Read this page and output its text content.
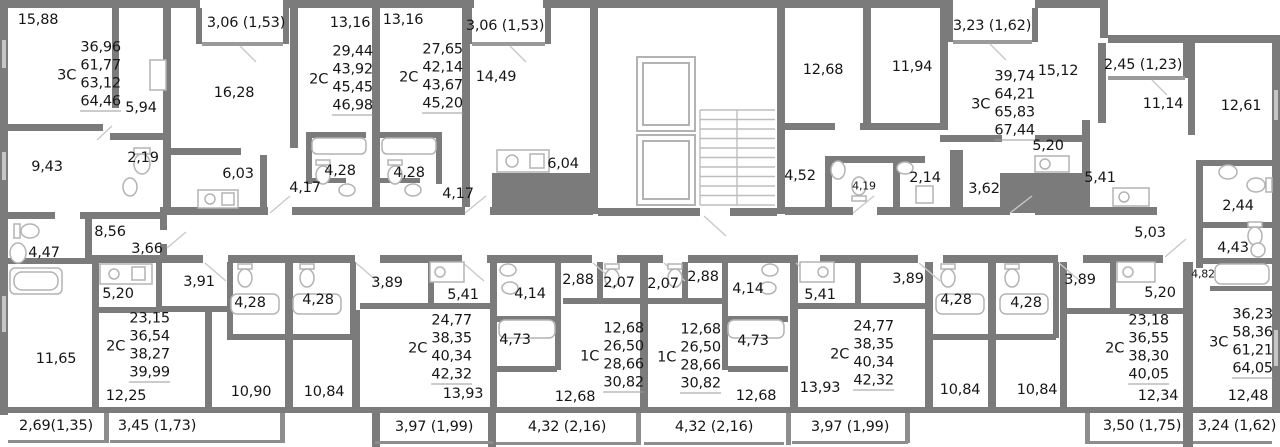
15,88	13,16 13,16
16,28
14,49	12,68	11,94	15,12
11,14	12,61
5,94
9,43
2,19
6,03
4,17	4,17
4,28	4,28
6,04
4,52
4,19 2,14
3,62
5,20
5,41
2,44
5,03
4,43
4,82
8,56
3,66
4,47
3,91
5,20
4,28	4,28
11,65
12,25	10,90 10,84
3,89
5,41
13,93
4,14
4,73
2,88 2,07
12,68
2,07 2,88
4,14
4,73
12,68
5,41
3,89
13,93
4,28
10,84
4,28
10,84
3,89
5,20
12,34	12,48
3,06 (1,53)	3,06 (1,53)	3,23 (1,62)
2,45 (1,23)
2,69(1,35) 3,45 (1,73)	3,97 (1,99)	4,32 (2,16)	4,32 (2,16)	3,97 (1,99)	3,50 (1,75) 3,24 (1,62)
3С
36,96
61,77
63,12
64,46
2С
29,44
43,92
45,45
46,98
2С
27,65
42,14
43,67
45,20	3С
39,74
64,21
65,83
67,44
2С
23,15
36,54
38,27
39,99
2С
24,77
38,35
40,34
42,32
1С
12,68
26,50
28,66
30,82
1С
12,68
26,50
28,66
30,82
2С
24,77
38,35
40,34
42,32
2С
23,18
36,55
38,30
40,05
3С
36,23
58,36
61,21
64,05
